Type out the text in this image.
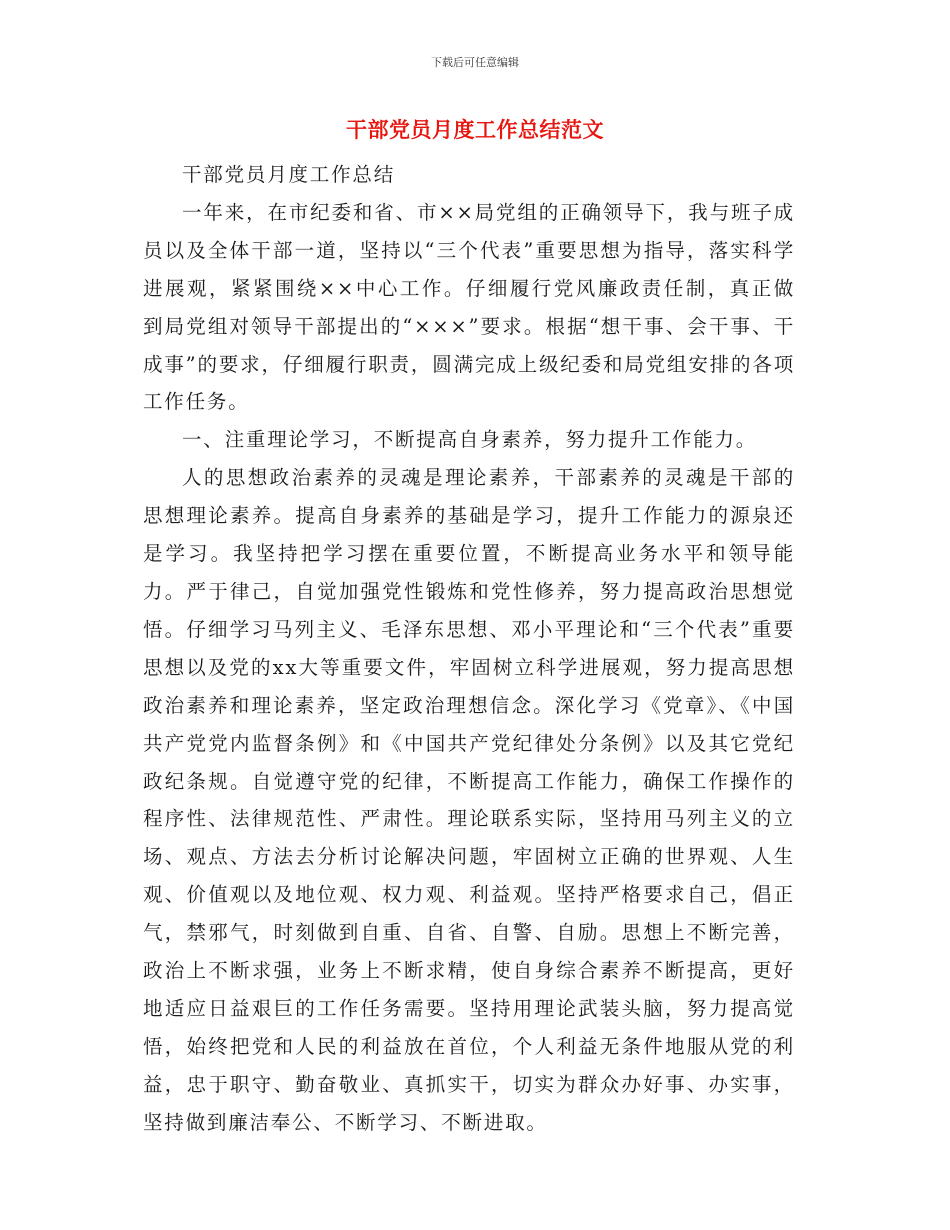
下载后可任意编辑
干部党员月度工作总结范文

干部党员月度工作总结

一年来，在市纪委和省、市××局党组的正确领导下，我与班子成员以及全体干部一道，坚持以“三个代表”重要思想为指导，落实科学进展观，紧紧围绕××中心工作。仔细履行党风廉政责任制，真正做到局党组对领导干部提出的“×××”要求。根据“想干事、会干事、干成事”的要求，仔细履行职责，圆满完成上级纪委和局党组安排的各项工作任务。

一、注重理论学习，不断提高自身素养，努力提升工作能力。

人的思想政治素养的灵魂是理论素养，干部素养的灵魂是干部的思想理论素养。提高自身素养的基础是学习，提升工作能力的源泉还是学习。我坚持把学习摆在重要位置，不断提高业务水平和领导能力。严于律己，自觉加强党性锻炼和党性修养，努力提高政治思想觉悟。仔细学习马列主义、毛泽东思想、邓小平理论和“三个代表”重要思想以及党的xx大等重要文件，牢固树立科学进展观，努力提高思想政治素养和理论素养，坚定政治理想信念。深化学习《党章》、《中国共产党党内监督条例》和《中国共产党纪律处分条例》以及其它党纪政纪条规。自觉遵守党的纪律，不断提高工作能力，确保工作操作的程序性、法律规范性、严肃性。理论联系实际，坚持用马列主义的立场、观点、方法去分析讨论解决问题，牢固树立正确的世界观、人生观、价值观以及地位观、权力观、利益观。坚持严格要求自己，倡正气，禁邪气，时刻做到自重、自省、自警、自励。思想上不断完善，政治上不断求强，业务上不断求精，使自身综合素养不断提高，更好地适应日益艰巨的工作任务需要。坚持用理论武装头脑，努力提高觉悟，始终把党和人民的利益放在首位，个人利益无条件地服从党的利益，忠于职守、勤奋敬业、真抓实干，切实为群众办好事、办实事，坚持做到廉洁奉公、不断学习、不断进取。
